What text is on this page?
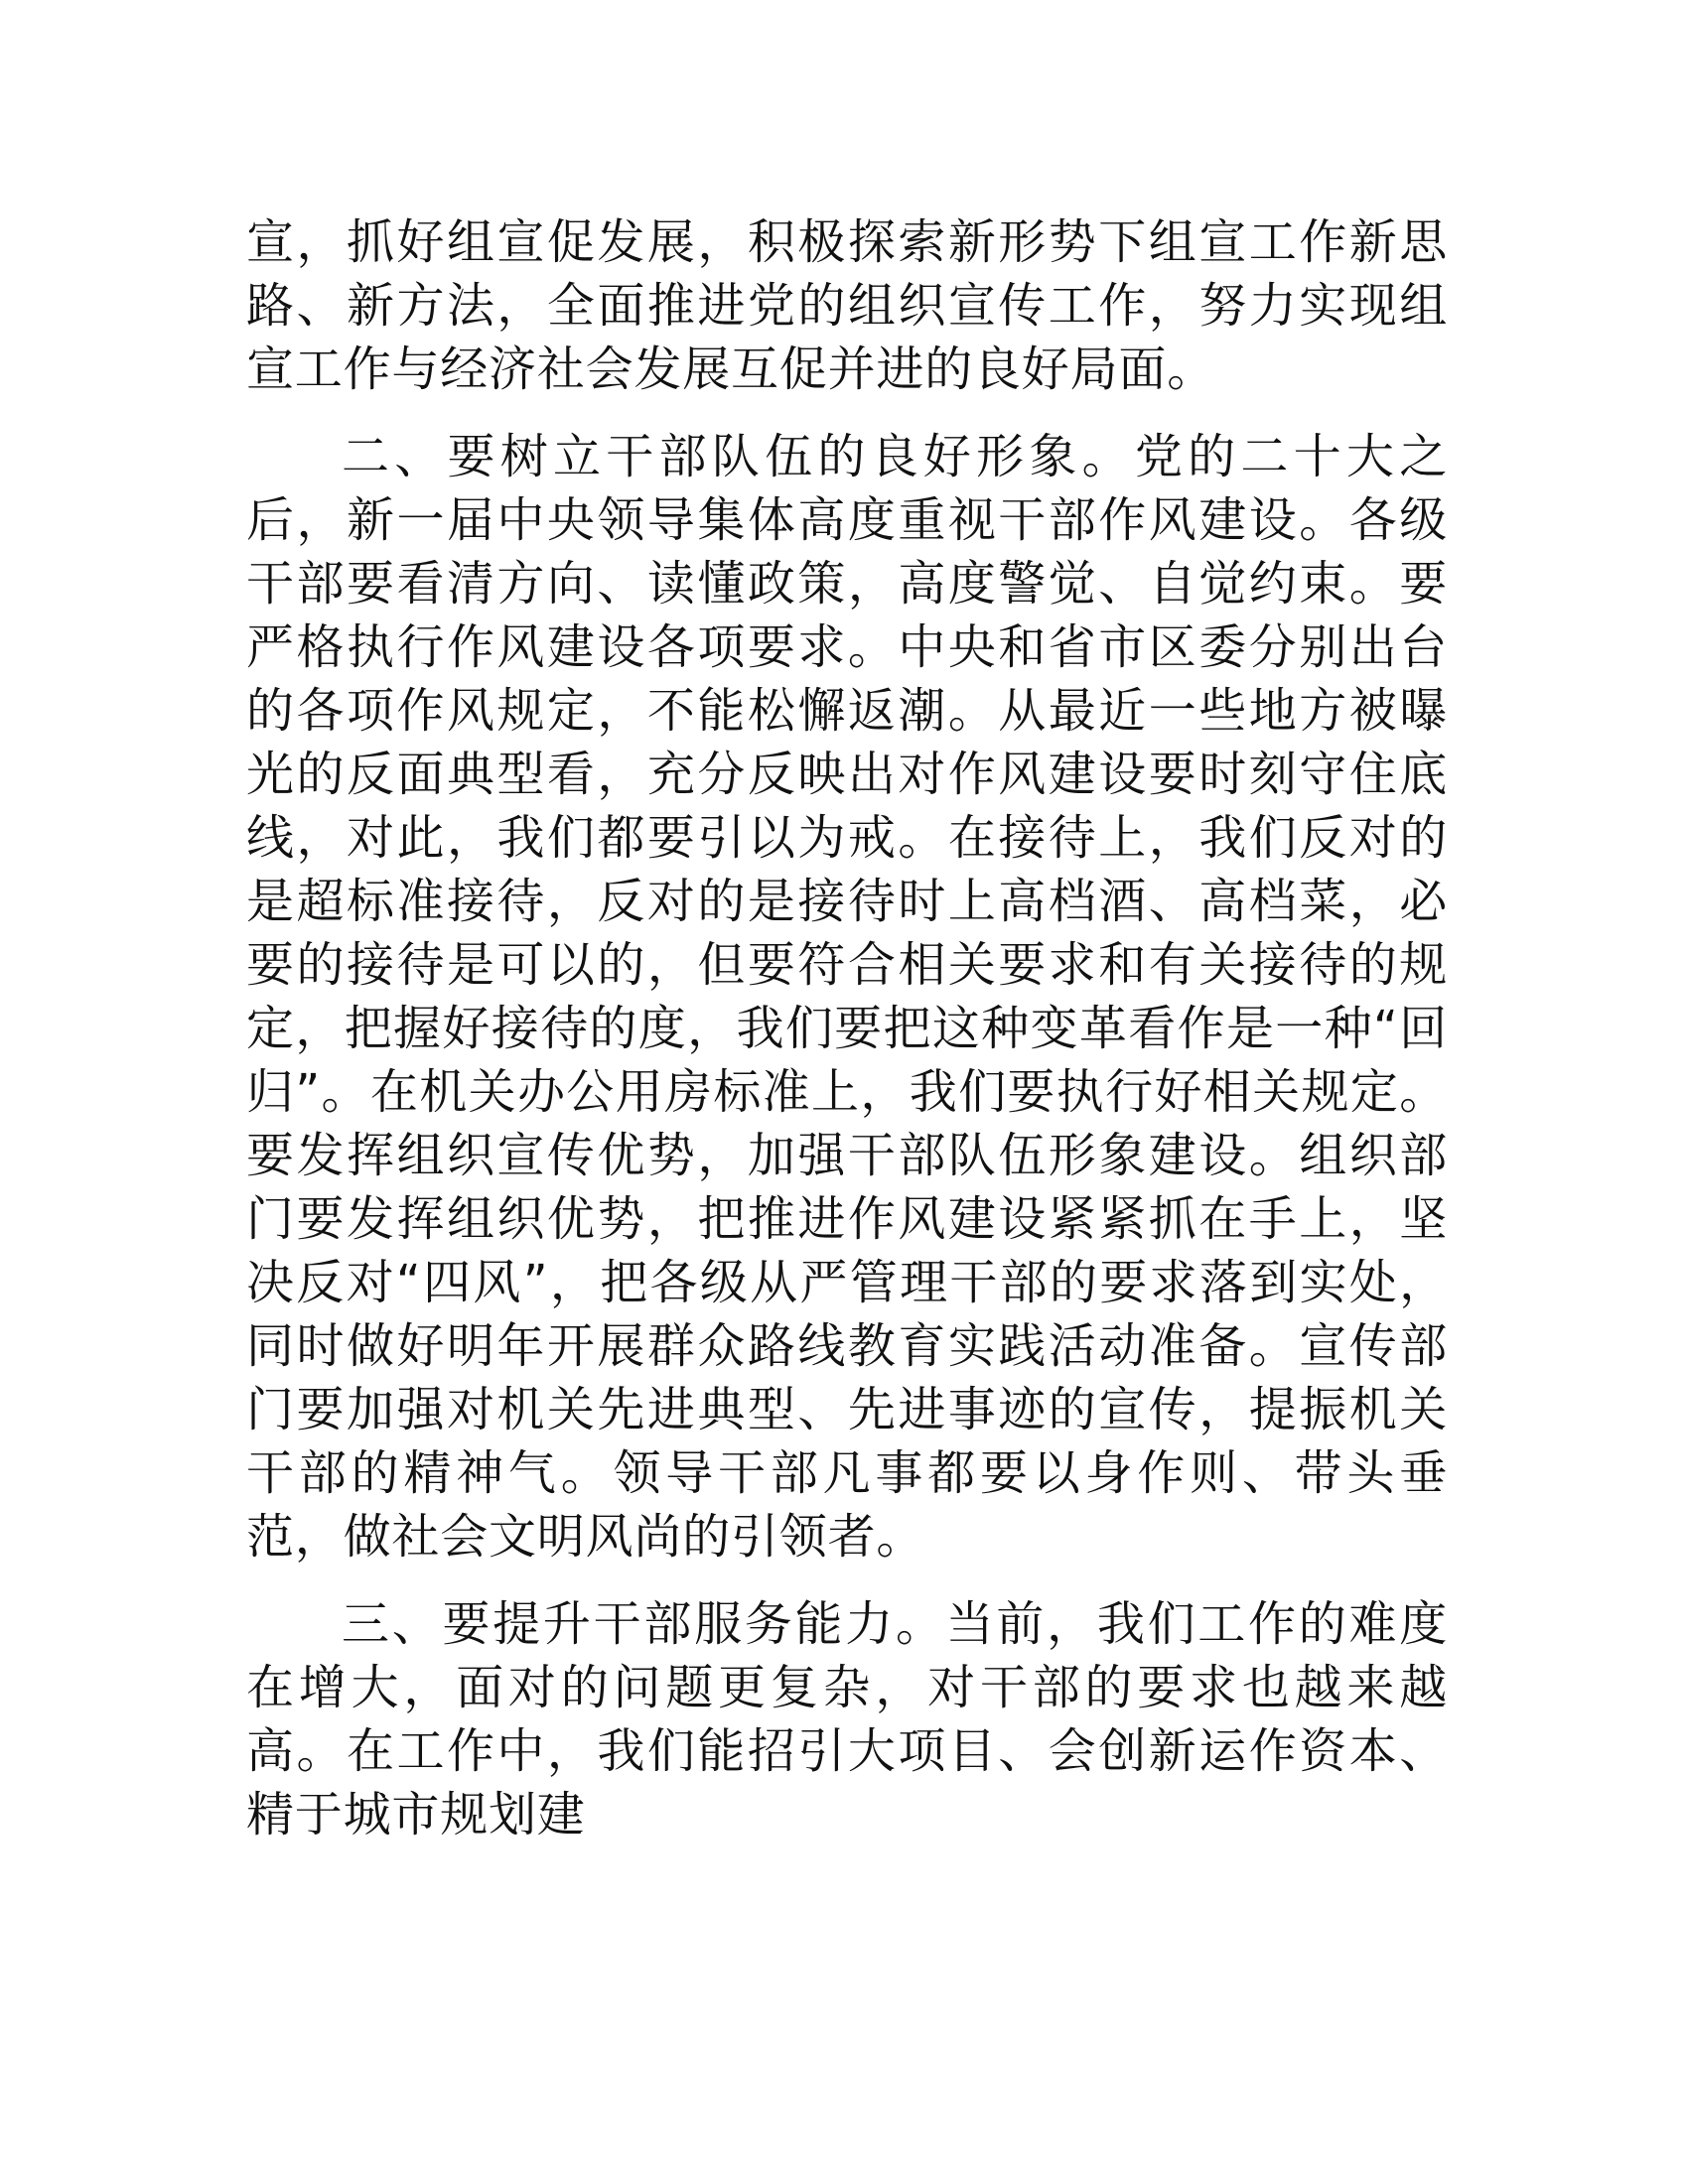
宣，抓好组宣促发展，积极探索新形势下组宣工作新思路、新方法，全面推进党的组织宣传工作，努力实现组宣工作与经济社会发展互促并进的良好局面。

二、要树立干部队伍的良好形象。党的二十大之后，新一届中央领导集体高度重视干部作风建设。各级干部要看清方向、读懂政策，高度警觉、自觉约束。要严格执行作风建设各项要求。中央和省市区委分别出台的各项作风规定，不能松懈返潮。从最近一些地方被曝光的反面典型看，充分反映出对作风建设要时刻守住底线，对此，我们都要引以为戒。在接待上，我们反对的是超标准接待，反对的是接待时上高档酒、高档菜，必要的接待是可以的，但要符合相关要求和有关接待的规定，把握好接待的度，我们要把这种变革看作是一种“回归”。在机关办公用房标准上，我们要执行好相关规定。要发挥组织宣传优势，加强干部队伍形象建设。组织部门要发挥组织优势，把推进作风建设紧紧抓在手上，坚决反对“四风”，把各级从严管理干部的要求落到实处，同时做好明年开展群众路线教育实践活动准备。宣传部门要加强对机关先进典型、先进事迹的宣传，提振机关干部的精神气。领导干部凡事都要以身作则、带头垂范，做社会文明风尚的引领者。

三、要提升干部服务能力。当前，我们工作的难度在增大，面对的问题更复杂，对干部的要求也越来越高。在工作中，我们能招引大项目、会创新运作资本、精于城市规划建
